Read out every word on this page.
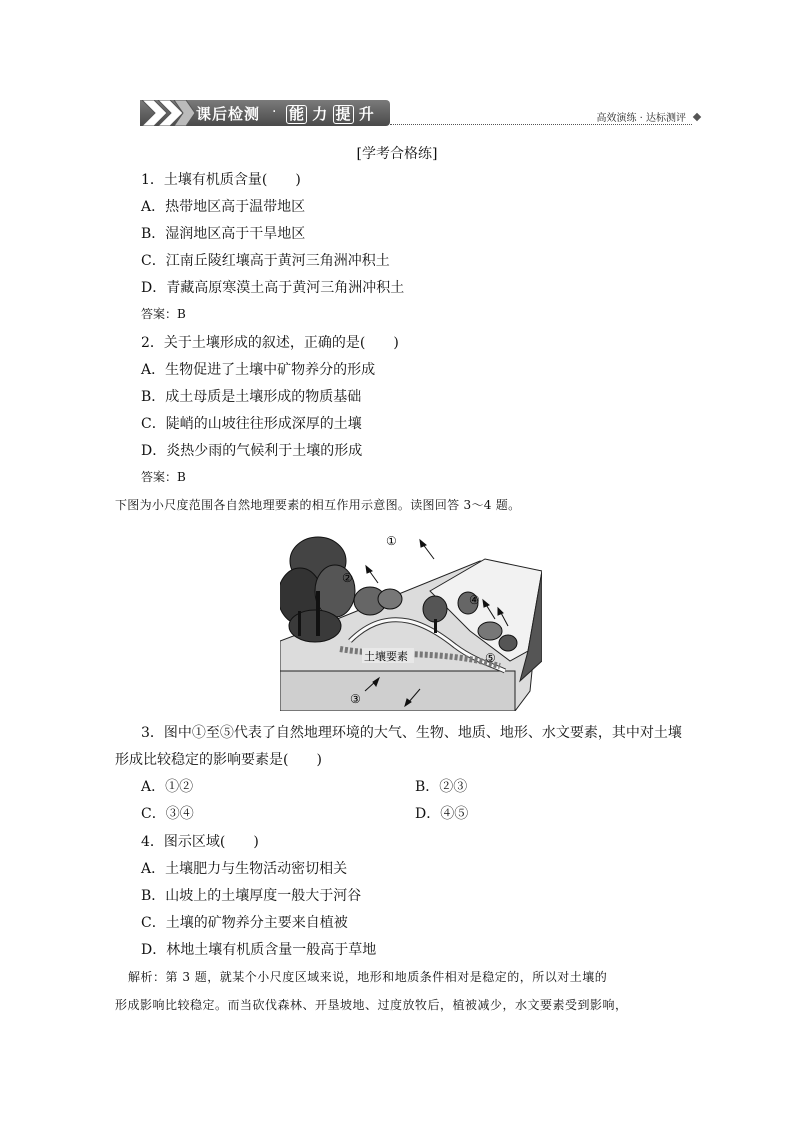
课后检测 · 能 力 提 升	高效演练 · 达标测评
[学考合格练]
1．土壤有机质含量(　　)
A．热带地区高于温带地区
B．湿润地区高于干旱地区
C．江南丘陵红壤高于黄河三角洲冲积土
D．青藏高原寒漠土高于黄河三角洲冲积土
答案：B
2．关于土壤形成的叙述，正确的是(　　)
A．生物促进了土壤中矿物养分的形成
B．成土母质是土壤形成的物质基础
C．陡峭的山坡往往形成深厚的土壤
D．炎热少雨的气候利于土壤的形成
答案：B
下图为小尺度范围各自然地理要素的相互作用示意图。读图回答 3～4 题。
①
②
④
⑤
③
土壤要素
3．图中①至⑤代表了自然地理环境的大气、生物、地质、地形、水文要素，其中对土壤
形成比较稳定的影响要素是(　　)
A．①②	B．②③
C．③④	D．④⑤
4．图示区域(　　)
A．土壤肥力与生物活动密切相关
B．山坡上的土壤厚度一般大于河谷
C．土壤的矿物养分主要来自植被
D．林地土壤有机质含量一般高于草地
解析：第 3 题，就某个小尺度区域来说，地形和地质条件相对是稳定的，所以对土壤的
形成影响比较稳定。而当砍伐森林、开垦坡地、过度放牧后，植被减少，水文要素受到影响，
